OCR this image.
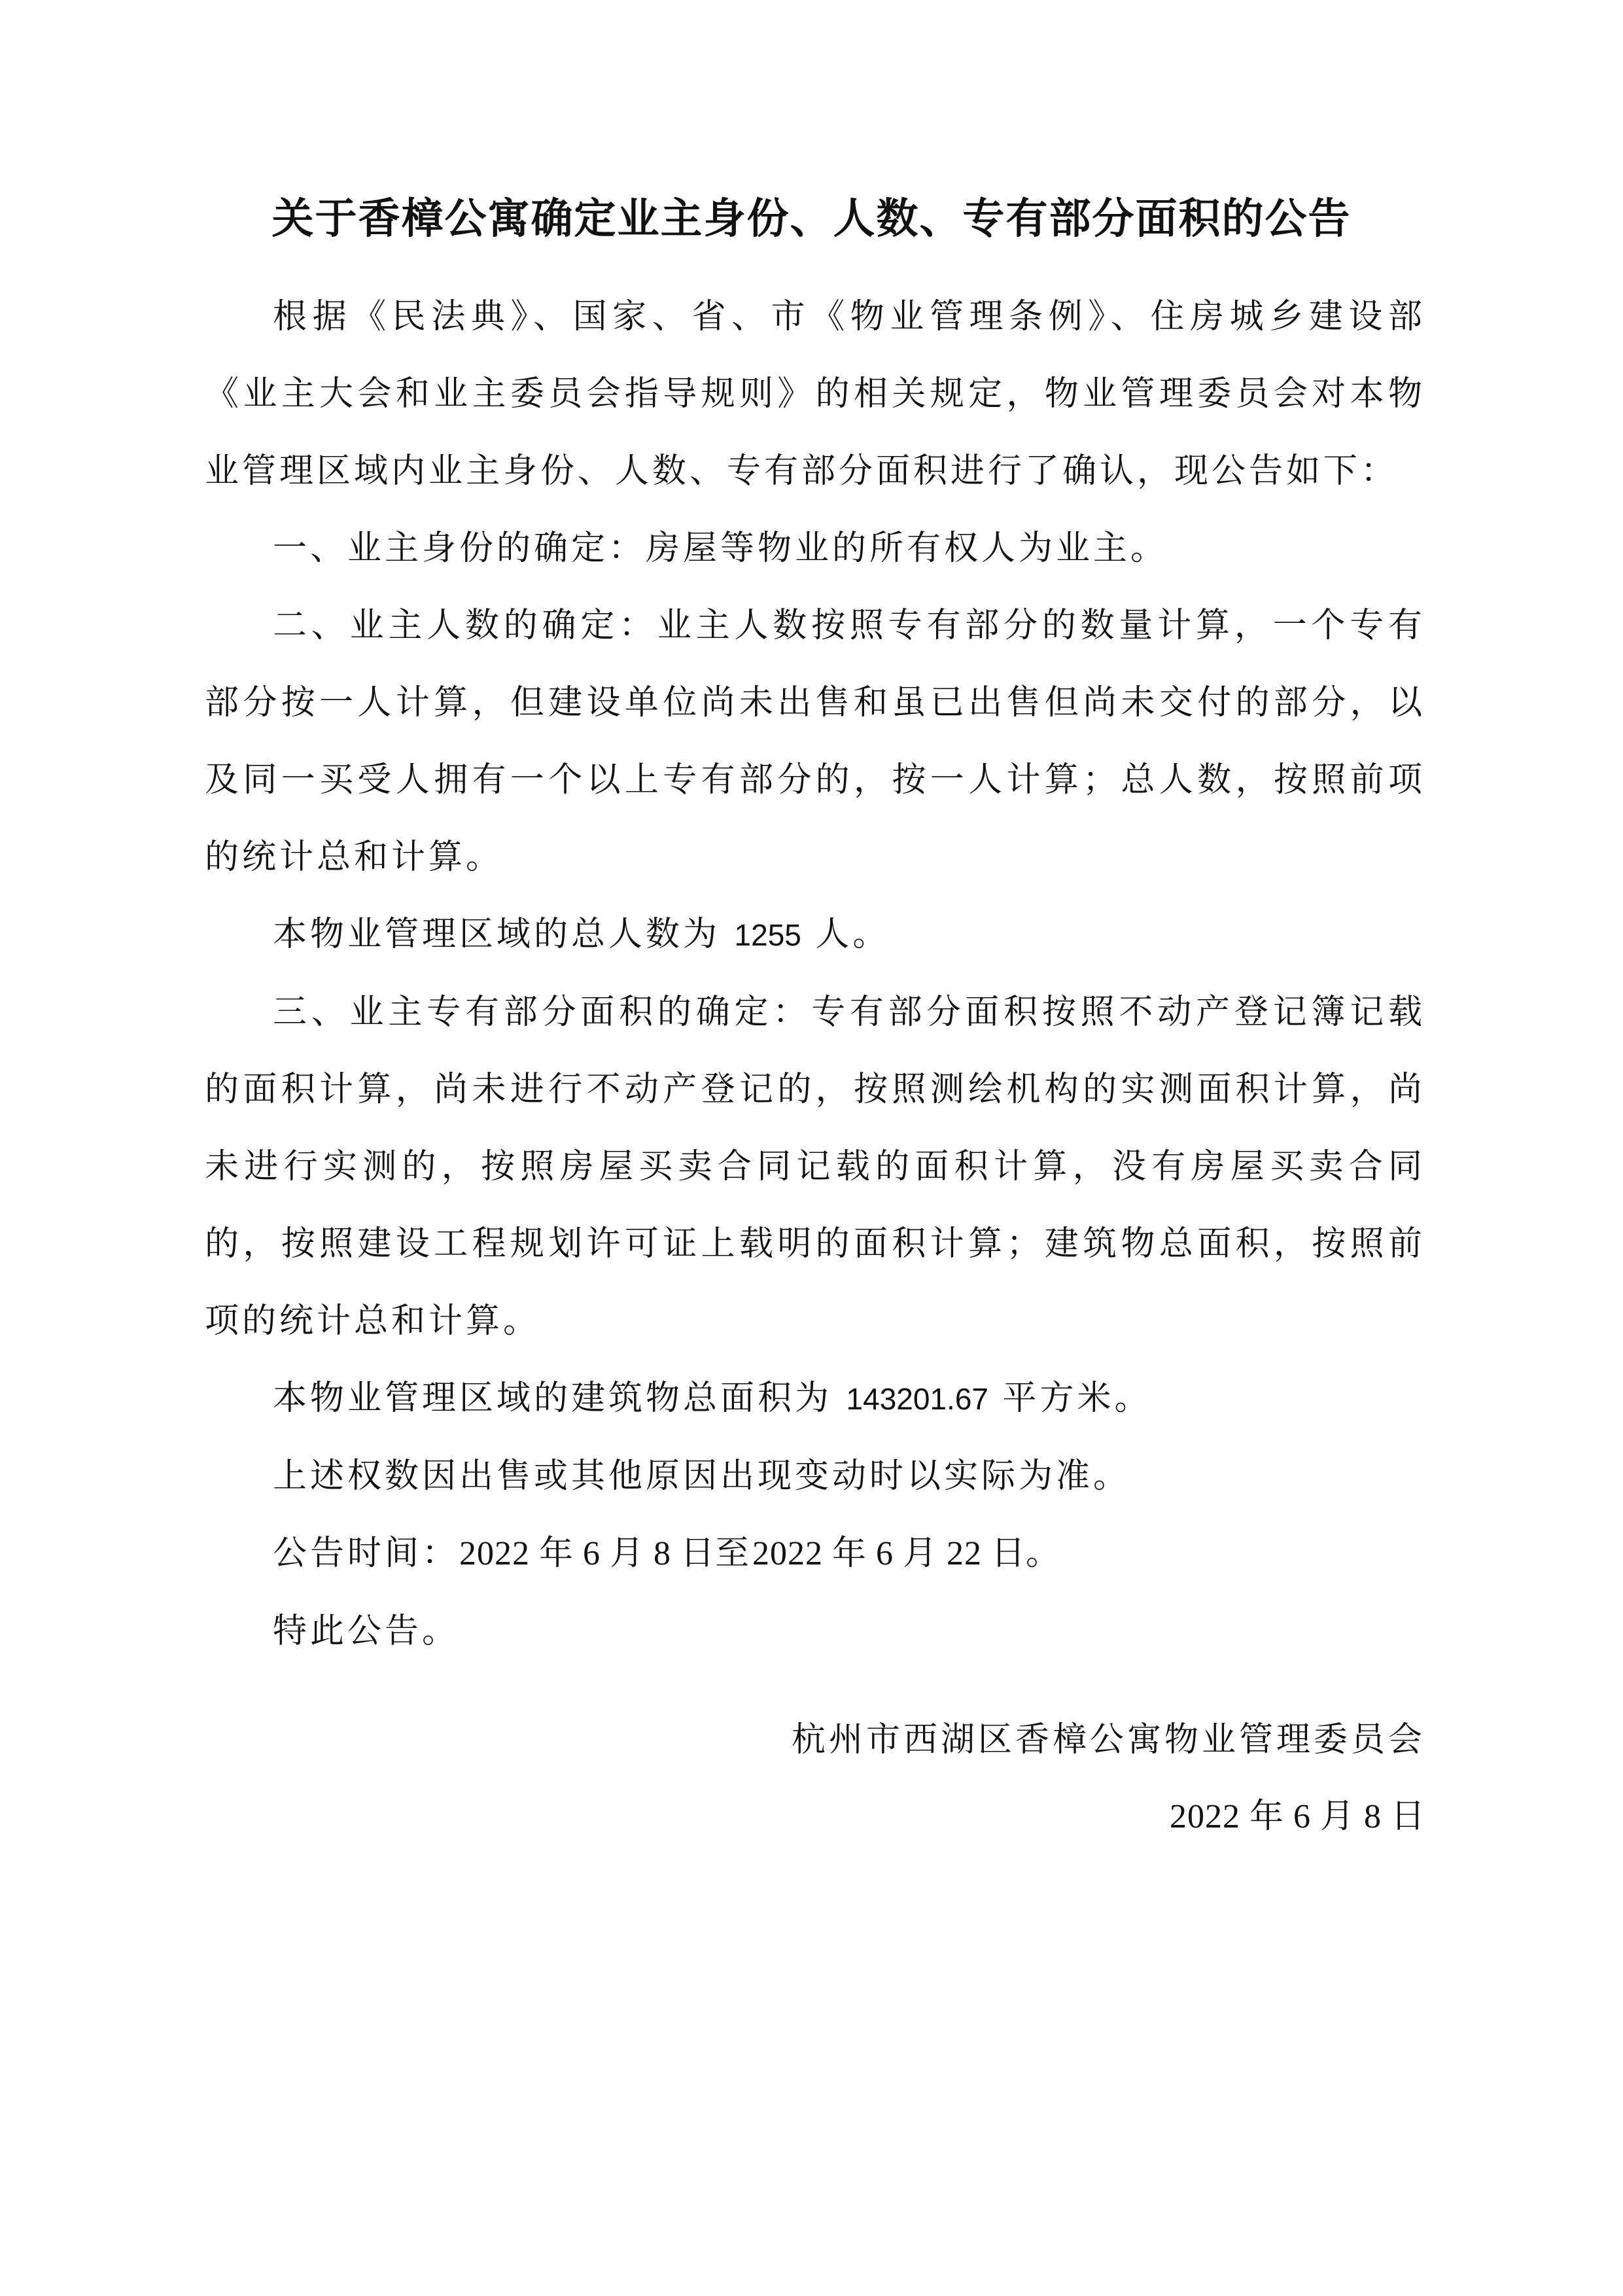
关于香樟公寓确定业主身份、人数、专有部分面积的公告

根据《民法典》、国家、省、市《物业管理条例》、住房城乡建设部《业主大会和业主委员会指导规则》的相关规定，物业管理委员会对本物业管理区域内业主身份、人数、专有部分面积进行了确认，现公告如下：

一、业主身份的确定：房屋等物业的所有权人为业主。

二、业主人数的确定：业主人数按照专有部分的数量计算，一个专有部分按一人计算，但建设单位尚未出售和虽已出售但尚未交付的部分，以及同一买受人拥有一个以上专有部分的，按一人计算；总人数，按照前项的统计总和计算。

本物业管理区域的总人数为 1255 人。

三、业主专有部分面积的确定：专有部分面积按照不动产登记簿记载的面积计算，尚未进行不动产登记的，按照测绘机构的实测面积计算，尚未进行实测的，按照房屋买卖合同记载的面积计算，没有房屋买卖合同的，按照建设工程规划许可证上载明的面积计算；建筑物总面积，按照前项的统计总和计算。

本物业管理区域的建筑物总面积为 143201.67 平方米。

上述权数因出售或其他原因出现变动时以实际为准。

公告时间：2022 年 6 月 8 日至2022 年 6 月 22 日。

特此公告。

杭州市西湖区香樟公寓物业管理委员会

2022 年 6 月 8 日
